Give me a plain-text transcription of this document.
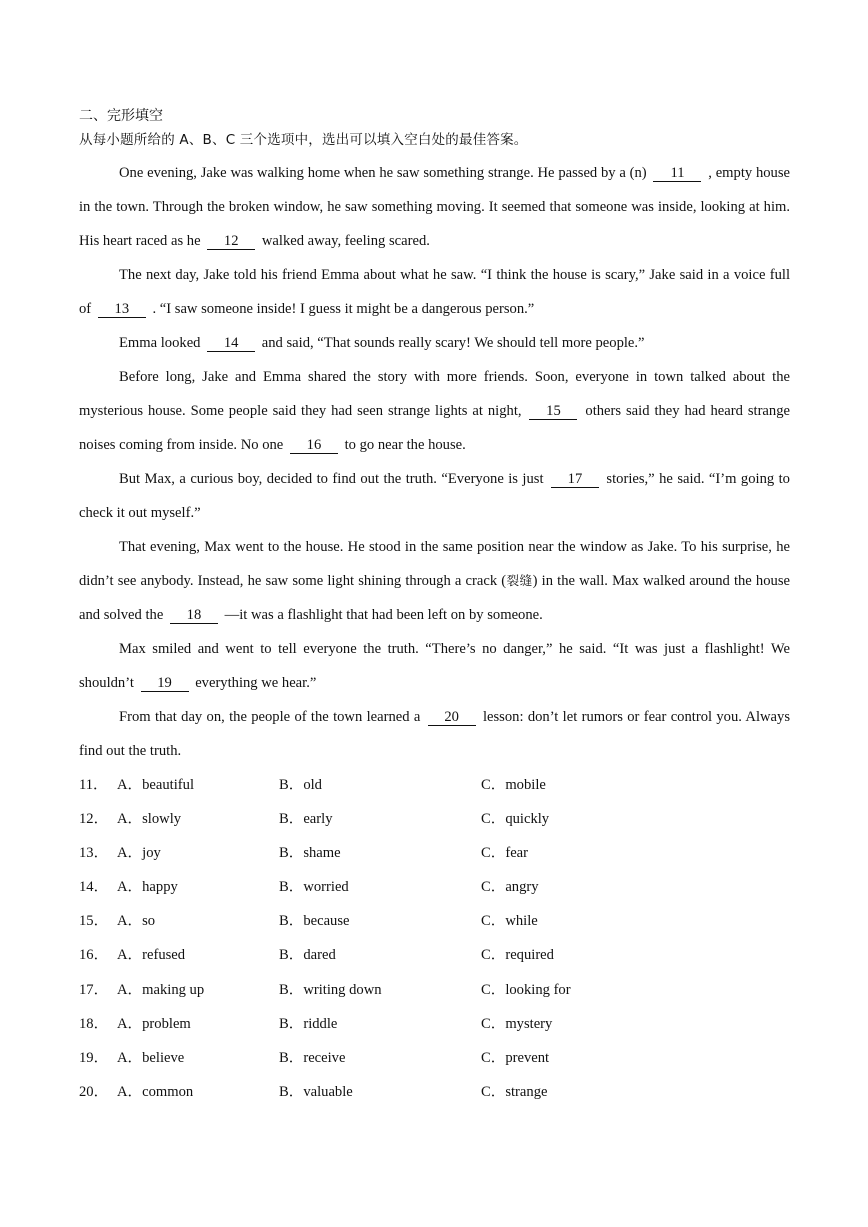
二、完形填空
从每小题所给的 A、B、C 三个选项中，选出可以填入空白处的最佳答案。

One evening, Jake was walking home when he saw something strange. He passed by a (n) 11 , empty house in the town. Through the broken window, he saw something moving. It seemed that someone was inside, looking at him. His heart raced as he 12 walked away, feeling scared.

The next day, Jake told his friend Emma about what he saw. “I think the house is scary,” Jake said in a voice full of 13 . “I saw someone inside! I guess it might be a dangerous person.”

Emma looked 14 and said, “That sounds really scary! We should tell more people.”

Before long, Jake and Emma shared the story with more friends. Soon, everyone in town talked about the mysterious house. Some people said they had seen strange lights at night, 15 others said they had heard strange noises coming from inside. No one 16 to go near the house.

But Max, a curious boy, decided to find out the truth. “Everyone is just 17 stories,” he said. “I’m going to check it out myself.”

That evening, Max went to the house. He stood in the same position near the window as Jake. To his surprise, he didn’t see anybody. Instead, he saw some light shining through a crack (裂缝) in the wall. Max walked around the house and solved the 18 —it was a flashlight that had been left on by someone.

Max smiled and went to tell everyone the truth. “There’s no danger,” he said. “It was just a flashlight! We shouldn’t 19 everything we hear.”

From that day on, the people of the town learned a 20 lesson: don’t let rumors or fear control you. Always find out the truth.

11． A．beautiful	B．old	C．mobile
12． A．slowly	B．early	C．quickly
13． A．joy	B．shame	C．fear
14． A．happy	B．worried	C．angry
15． A．so	B．because	C．while
16． A．refused	B．dared	C．required
17． A．making up	B．writing down	C．looking for
18． A．problem	B．riddle	C．mystery
19． A．believe	B．receive	C．prevent
20． A．common	B．valuable	C．strange
